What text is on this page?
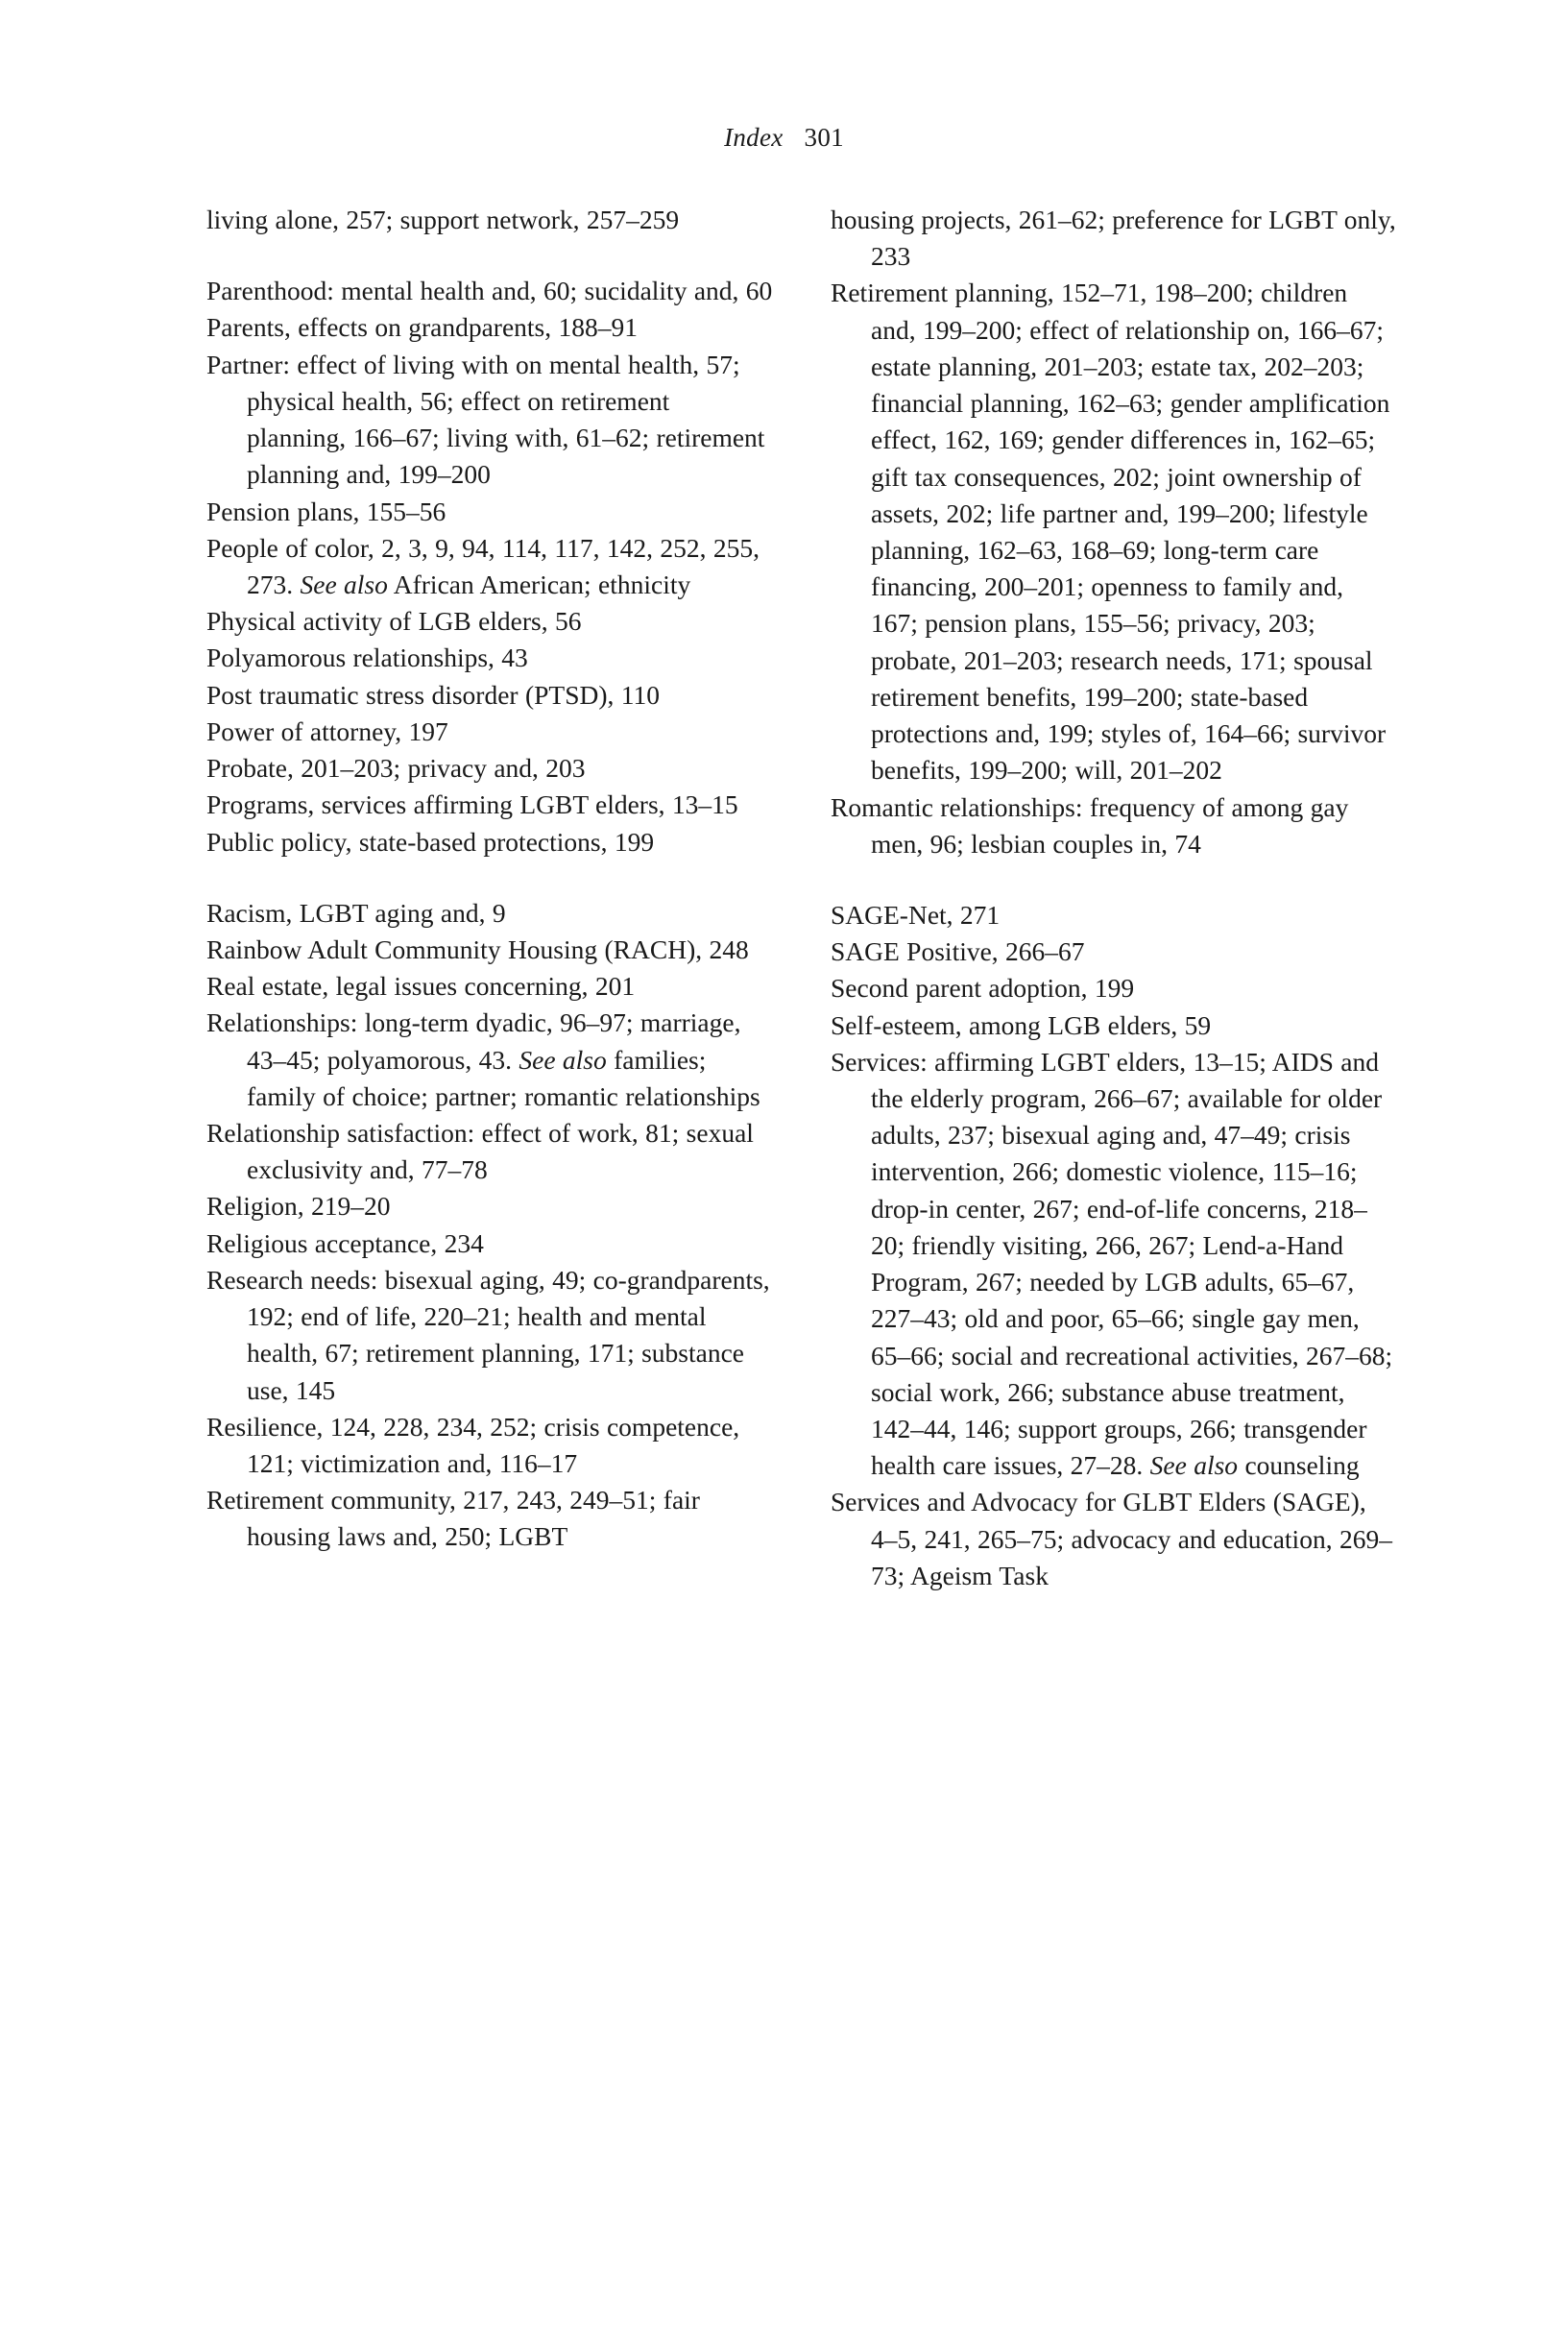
Index 301

living alone, 257; support network, 257–259

Parenthood: mental health and, 60; sucidality and, 60

Parents, effects on grandparents, 188–91

Partner: effect of living with on mental health, 57; physical health, 56; effect on retirement planning, 166–67; living with, 61–62; retirement planning and, 199–200

Pension plans, 155–56

People of color, 2, 3, 9, 94, 114, 117, 142, 252, 255, 273. See also African American; ethnicity

Physical activity of LGB elders, 56

Polyamorous relationships, 43

Post traumatic stress disorder (PTSD), 110

Power of attorney, 197

Probate, 201–203; privacy and, 203

Programs, services affirming LGBT elders, 13–15

Public policy, state-based protections, 199

Racism, LGBT aging and, 9

Rainbow Adult Community Housing (RACH), 248

Real estate, legal issues concerning, 201

Relationships: long-term dyadic, 96–97; marriage, 43–45; polyamorous, 43. See also families; family of choice; partner; romantic relationships

Relationship satisfaction: effect of work, 81; sexual exclusivity and, 77–78

Religion, 219–20

Religious acceptance, 234

Research needs: bisexual aging, 49; co-grandparents, 192; end of life, 220–21; health and mental health, 67; retirement planning, 171; substance use, 145

Resilience, 124, 228, 234, 252; crisis competence, 121; victimization and, 116–17

Retirement community, 217, 243, 249–51; fair housing laws and, 250; LGBT

housing projects, 261–62; preference for LGBT only, 233

Retirement planning, 152–71, 198–200; children and, 199–200; effect of relationship on, 166–67; estate planning, 201–203; estate tax, 202–203; financial planning, 162–63; gender amplification effect, 162, 169; gender differences in, 162–65; gift tax consequences, 202; joint ownership of assets, 202; life partner and, 199–200; lifestyle planning, 162–63, 168–69; long-term care financing, 200–201; openness to family and, 167; pension plans, 155–56; privacy, 203; probate, 201–203; research needs, 171; spousal retirement benefits, 199–200; state-based protections and, 199; styles of, 164–66; survivor benefits, 199–200; will, 201–202

Romantic relationships: frequency of among gay men, 96; lesbian couples in, 74

SAGE-Net, 271

SAGE Positive, 266–67

Second parent adoption, 199

Self-esteem, among LGB elders, 59

Services: affirming LGBT elders, 13–15; AIDS and the elderly program, 266–67; available for older adults, 237; bisexual aging and, 47–49; crisis intervention, 266; domestic violence, 115–16; drop-in center, 267; end-of-life concerns, 218–20; friendly visiting, 266, 267; Lend-a-Hand Program, 267; needed by LGB adults, 65–67, 227–43; old and poor, 65–66; single gay men, 65–66; social and recreational activities, 267–68; social work, 266; substance abuse treatment, 142–44, 146; support groups, 266; transgender health care issues, 27–28. See also counseling

Services and Advocacy for GLBT Elders (SAGE), 4–5, 241, 265–75; advocacy and education, 269–73; Ageism Task
